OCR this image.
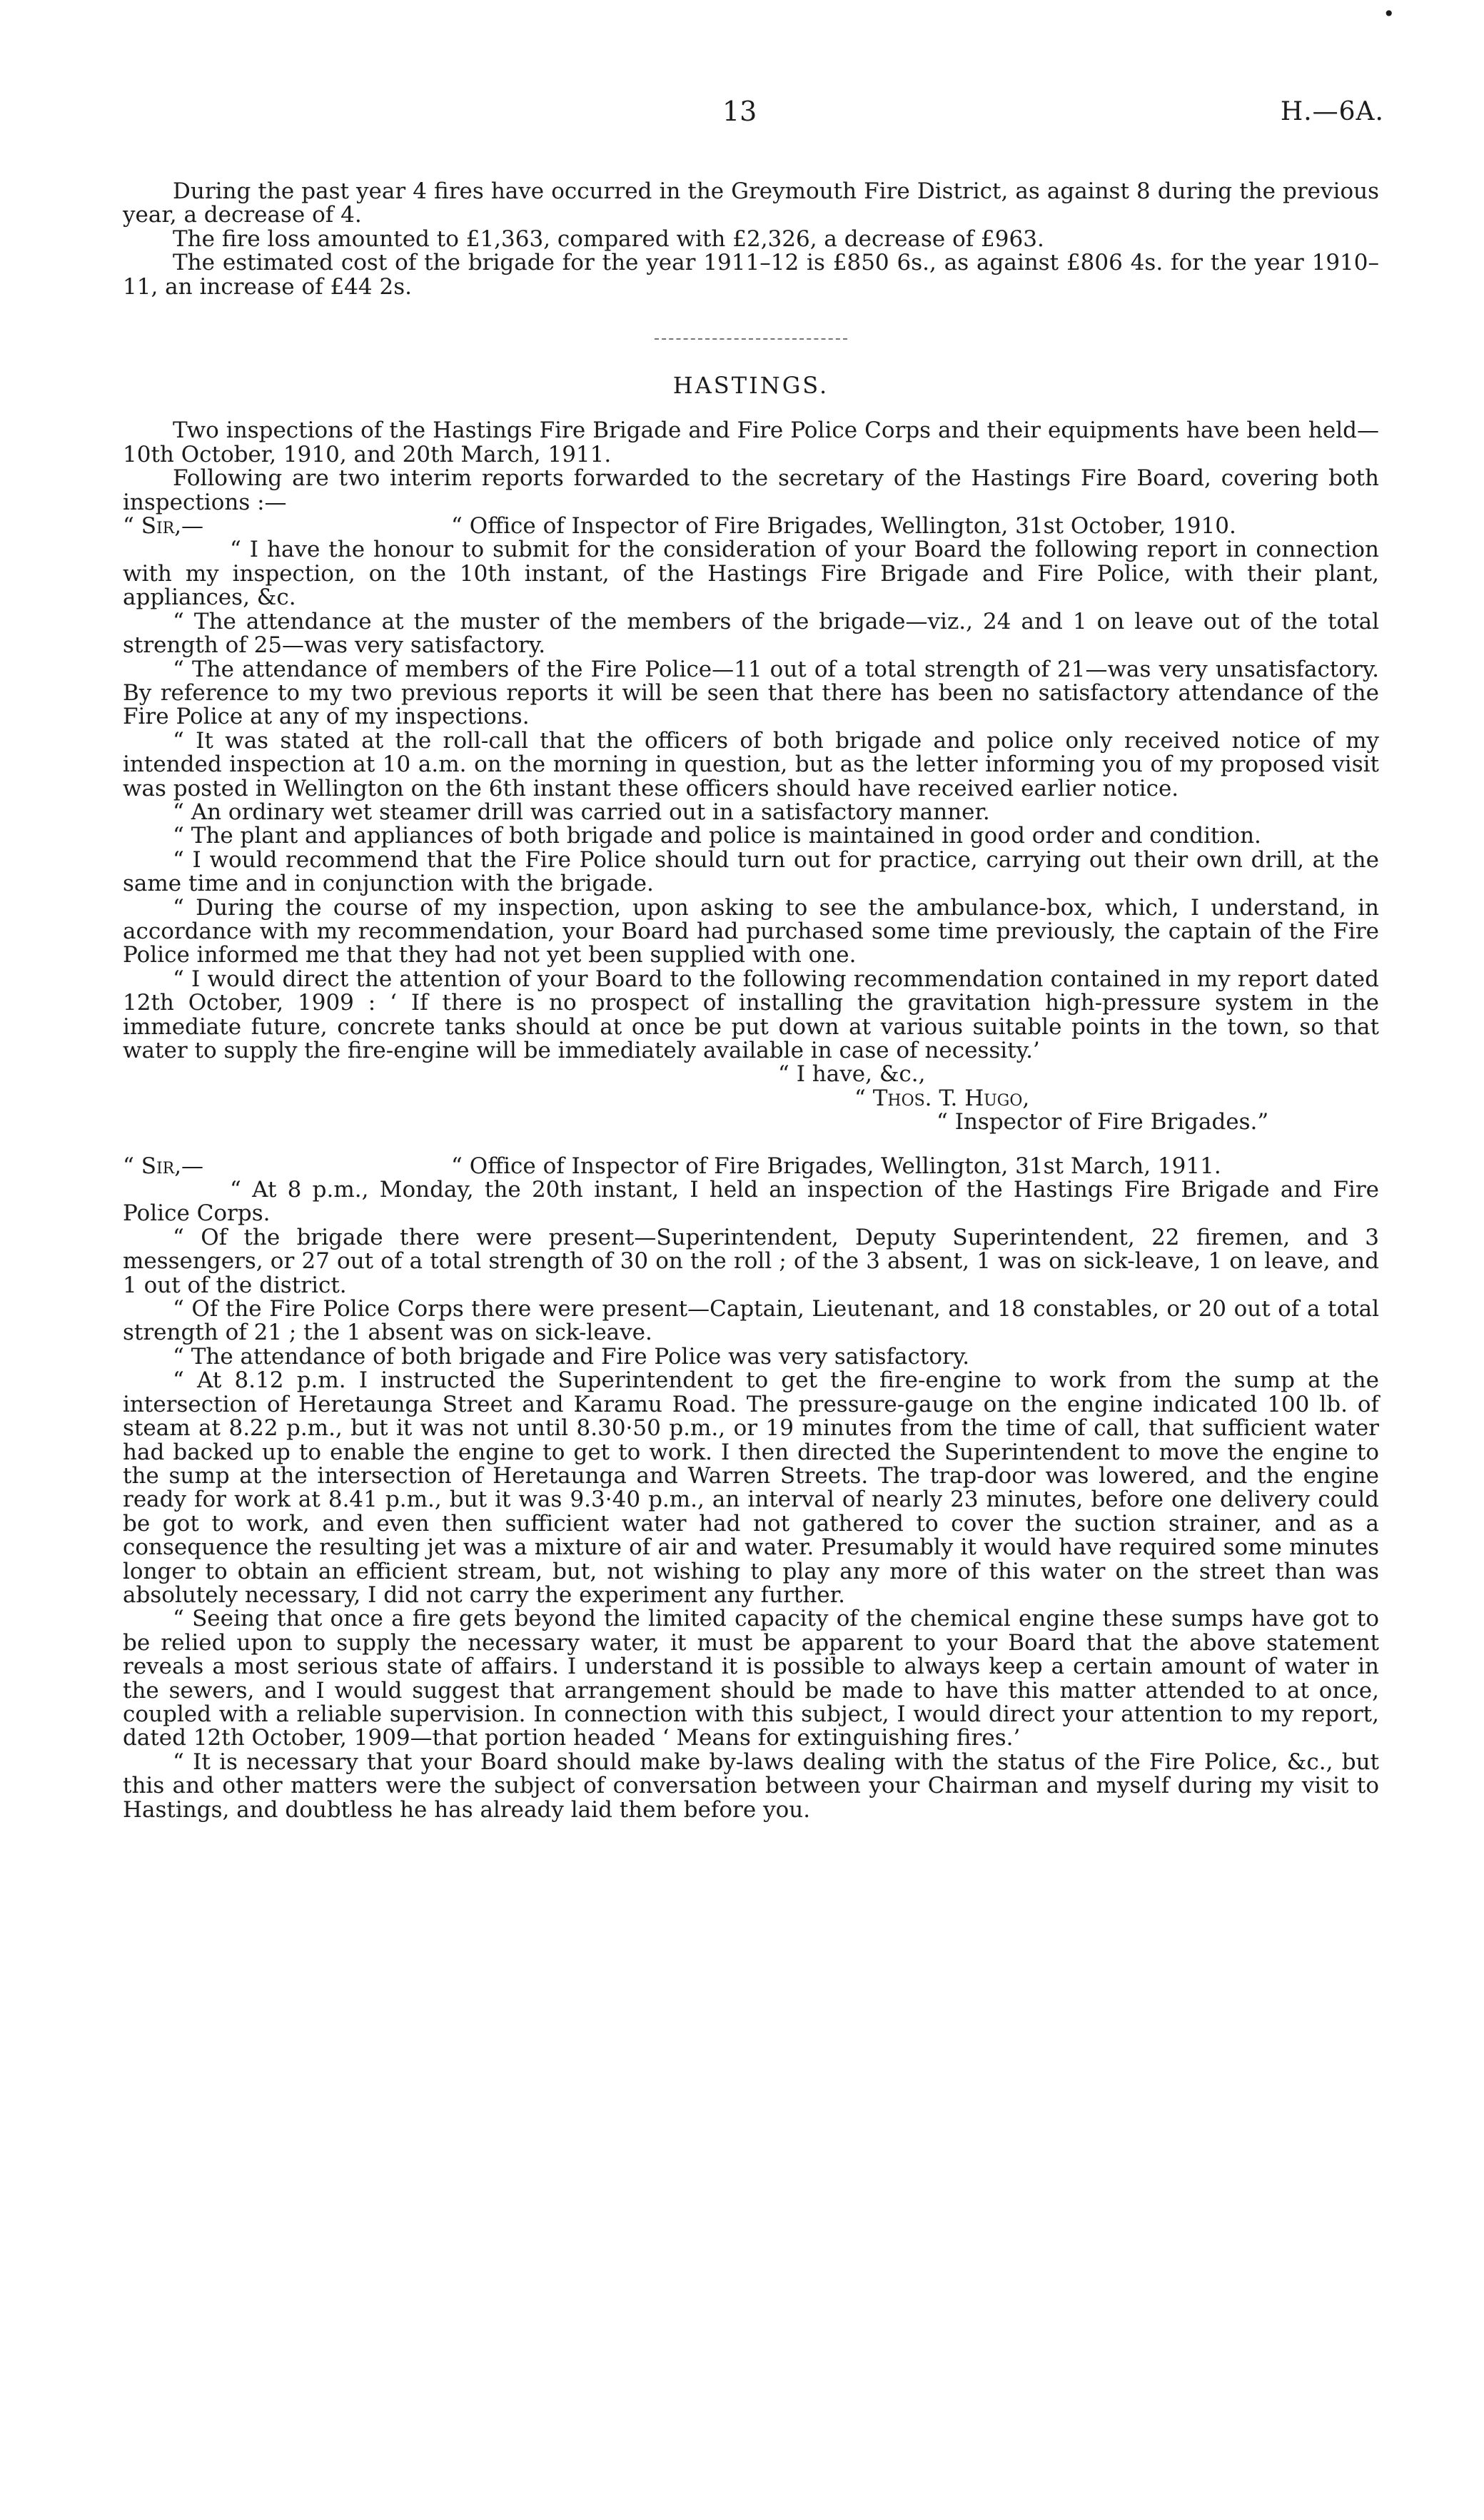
13	H.—6A.
•

During the past year 4 fires have occurred in the Greymouth Fire District, as against 8 during the previous year, a decrease of 4.

The fire loss amounted to £1,363, compared with £2,326, a decrease of £963.

The estimated cost of the brigade for the year 1911–12 is £850 6s., as against £806 4s. for the year 1910–11, an increase of £44 2s.

HASTINGS.

Two inspections of the Hastings Fire Brigade and Fire Police Corps and their equipments have been held—10th October, 1910, and 20th March, 1911.

Following are two interim reports forwarded to the secretary of the Hastings Fire Board, covering both inspections :—

“ Sir,—	“ Office of Inspector of Fire Brigades, Wellington, 31st October, 1910.

“ I have the honour to submit for the consideration of your Board the following report in connection with my inspection, on the 10th instant, of the Hastings Fire Brigade and Fire Police, with their plant, appliances, &c.

“ The attendance at the muster of the members of the brigade—viz., 24 and 1 on leave out of the total strength of 25—was very satisfactory.

“ The attendance of members of the Fire Police—11 out of a total strength of 21—was very unsatisfactory. By reference to my two previous reports it will be seen that there has been no satisfactory attendance of the Fire Police at any of my inspections.

“ It was stated at the roll-call that the officers of both brigade and police only received notice of my intended inspection at 10 a.m. on the morning in question, but as the letter informing you of my proposed visit was posted in Wellington on the 6th instant these officers should have received earlier notice.

“ An ordinary wet steamer drill was carried out in a satisfactory manner.

“ The plant and appliances of both brigade and police is maintained in good order and condition.

“ I would recommend that the Fire Police should turn out for practice, carrying out their own drill, at the same time and in conjunction with the brigade.

“ During the course of my inspection, upon asking to see the ambulance-box, which, I understand, in accordance with my recommendation, your Board had purchased some time previously, the captain of the Fire Police informed me that they had not yet been supplied with one.

“ I would direct the attention of your Board to the following recommendation contained in my report dated 12th October, 1909 : ‘ If there is no prospect of installing the gravitation high-pressure system in the immediate future, concrete tanks should at once be put down at various suitable points in the town, so that water to supply the fire-engine will be immediately available in case of necessity.’

“ I have, &c.,
“ Thos. T. Hugo,
“ Inspector of Fire Brigades.”
“ Sir,—	“ Office of Inspector of Fire Brigades, Wellington, 31st March, 1911.

“ At 8 p.m., Monday, the 20th instant, I held an inspection of the Hastings Fire Brigade and Fire Police Corps.

“ Of the brigade there were present—Superintendent, Deputy Superintendent, 22 firemen, and 3 messengers, or 27 out of a total strength of 30 on the roll ; of the 3 absent, 1 was on sick-leave, 1 on leave, and 1 out of the district.

“ Of the Fire Police Corps there were present—Captain, Lieutenant, and 18 constables, or 20 out of a total strength of 21 ; the 1 absent was on sick-leave.

“ The attendance of both brigade and Fire Police was very satisfactory.

“ At 8.12 p.m. I instructed the Superintendent to get the fire-engine to work from the sump at the intersection of Heretaunga Street and Karamu Road. The pressure-gauge on the engine indicated 100 lb. of steam at 8.22 p.m., but it was not until 8.30·50 p.m., or 19 minutes from the time of call, that sufficient water had backed up to enable the engine to get to work. I then directed the Superintendent to move the engine to the sump at the intersection of Heretaunga and Warren Streets. The trap-door was lowered, and the engine ready for work at 8.41 p.m., but it was 9.3·40 p.m., an interval of nearly 23 minutes, before one delivery could be got to work, and even then sufficient water had not gathered to cover the suction strainer, and as a consequence the resulting jet was a mixture of air and water. Presumably it would have required some minutes longer to obtain an efficient stream, but, not wishing to play any more of this water on the street than was absolutely necessary, I did not carry the experiment any further.

“ Seeing that once a fire gets beyond the limited capacity of the chemical engine these sumps have got to be relied upon to supply the necessary water, it must be apparent to your Board that the above statement reveals a most serious state of affairs. I understand it is possible to always keep a certain amount of water in the sewers, and I would suggest that arrangement should be made to have this matter attended to at once, coupled with a reliable supervision. In connection with this subject, I would direct your attention to my report, dated 12th October, 1909—that portion headed ‘ Means for extinguishing fires.’

“ It is necessary that your Board should make by-laws dealing with the status of the Fire Police, &c., but this and other matters were the subject of conversation between your Chairman and myself during my visit to Hastings, and doubtless he has already laid them before you.
